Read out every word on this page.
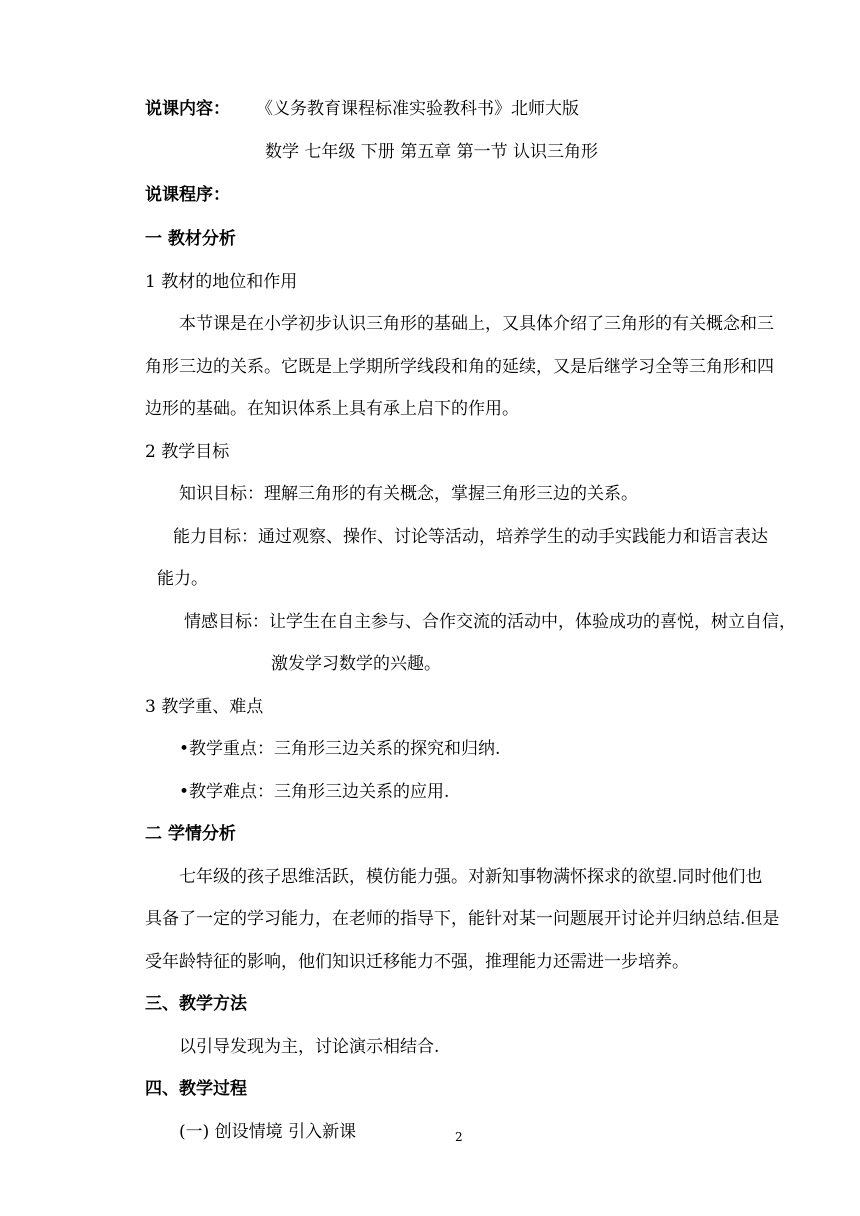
说课内容： 《义务教育课程标准实验教科书》北师大版
数学 七年级 下册 第五章 第一节 认识三角形
说课程序：
一 教材分析
1 教材的地位和作用
本节课是在小学初步认识三角形的基础上，又具体介绍了三角形的有关概念和三
角形三边的关系。它既是上学期所学线段和角的延续，又是后继学习全等三角形和四
边形的基础。在知识体系上具有承上启下的作用。
2 教学目标
知识目标：理解三角形的有关概念，掌握三角形三边的关系。
能力目标：通过观察、操作、讨论等活动，培养学生的动手实践能力和语言表达
能力。
情感目标：让学生在自主参与、合作交流的活动中，体验成功的喜悦，树立自信，
激发学习数学的兴趣。
3 教学重、难点
•教学重点：三角形三边关系的探究和归纳.
•教学难点：三角形三边关系的应用.
二 学情分析
七年级的孩子思维活跃，模仿能力强。对新知事物满怀探求的欲望.同时他们也
具备了一定的学习能力，在老师的指导下，能针对某一问题展开讨论并归纳总结.但是
受年龄特征的影响，他们知识迁移能力不强，推理能力还需进一步培养。
三、教学方法
以引导发现为主，讨论演示相结合.
四、教学过程
(一) 创设情境 引入新课	2
